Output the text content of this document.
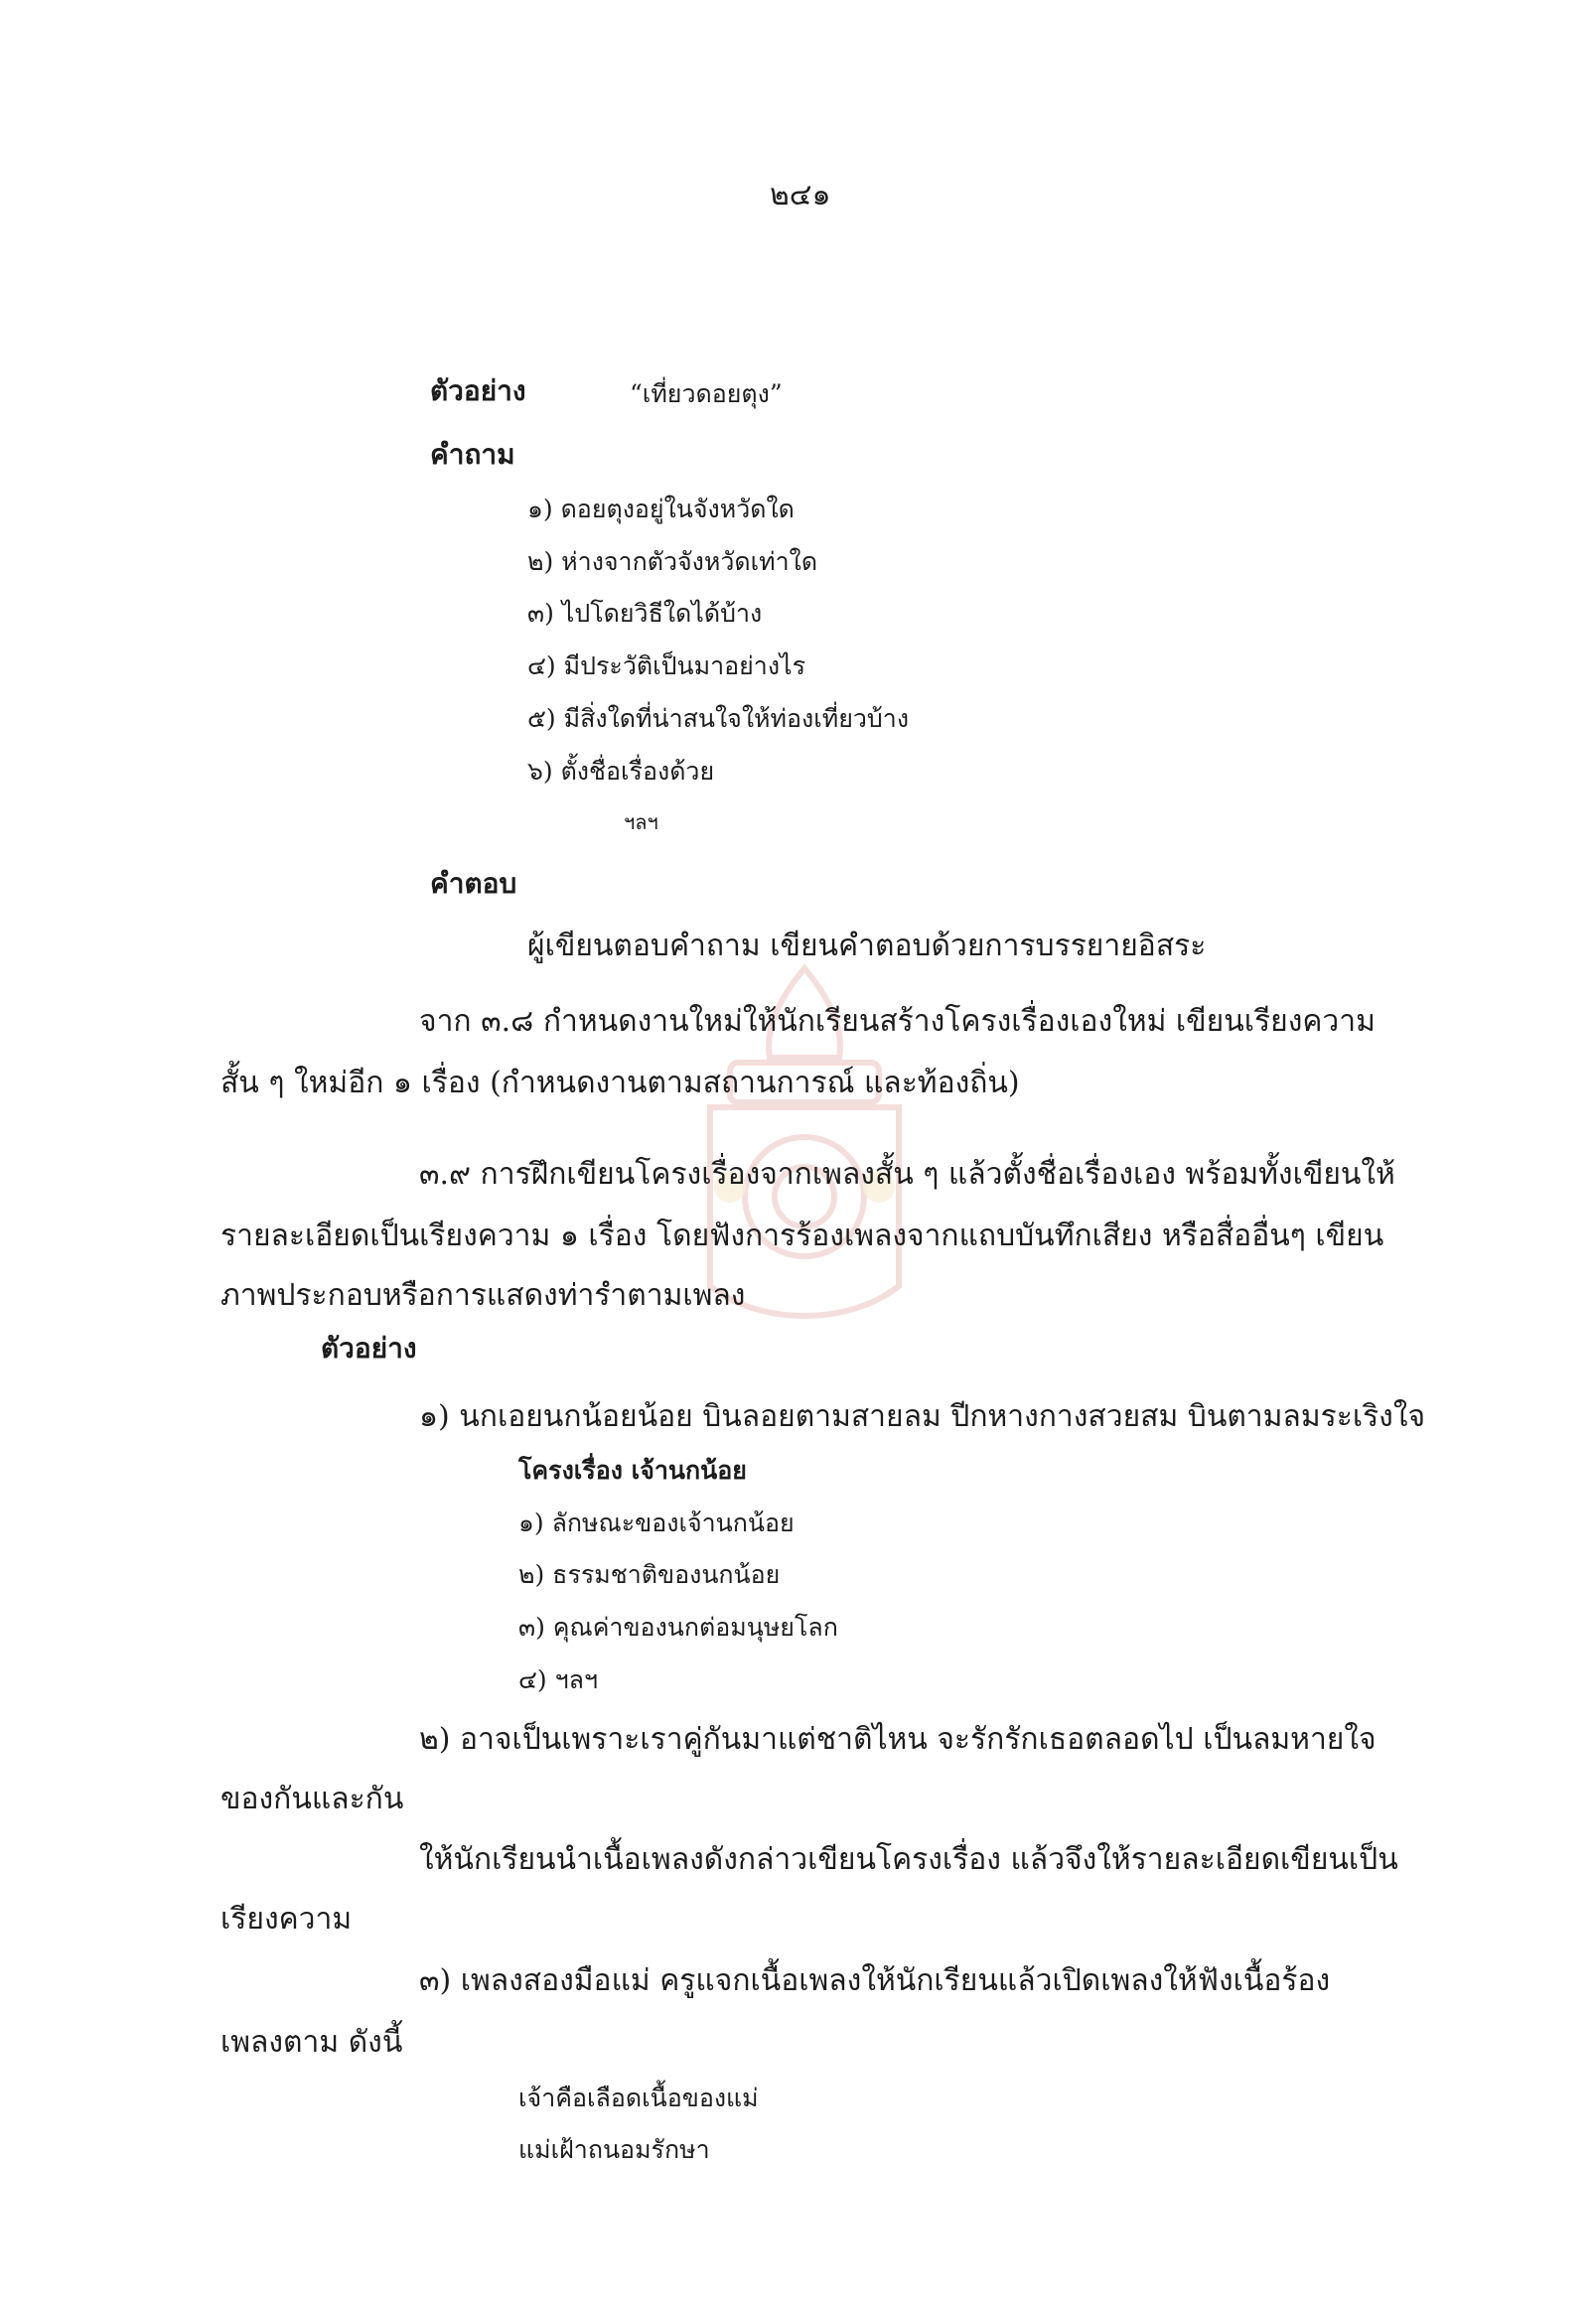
๒๔๑
ตัวอย่าง	“เที่ยวดอยตุง”
คำถาม
๑) ดอยตุงอยู่ในจังหวัดใด
๒) ห่างจากตัวจังหวัดเท่าใด
๓) ไปโดยวิธีใดได้บ้าง
๔) มีประวัติเป็นมาอย่างไร
๕) มีสิ่งใดที่น่าสนใจให้ท่องเที่ยวบ้าง
๖) ตั้งชื่อเรื่องด้วย
ฯลฯ
คำตอบ
ผู้เขียนตอบคำถาม เขียนคำตอบด้วยการบรรยายอิสระ
จาก ๓.๘ กำหนดงานใหม่ให้นักเรียนสร้างโครงเรื่องเองใหม่ เขียนเรียงความ
สั้น ๆ ใหม่อีก ๑ เรื่อง (กำหนดงานตามสถานการณ์ และท้องถิ่น)
๓.๙ การฝึกเขียนโครงเรื่องจากเพลงสั้น ๆ แล้วตั้งชื่อเรื่องเอง พร้อมทั้งเขียนให้
รายละเอียดเป็นเรียงความ ๑ เรื่อง โดยฟังการร้องเพลงจากแถบบันทึกเสียง หรือสื่ออื่นๆ เขียน
ภาพประกอบหรือการแสดงท่ารำตามเพลง
ตัวอย่าง
๑) นกเอยนกน้อยน้อย บินลอยตามสายลม ปีกหางกางสวยสม บินตามลมระเริงใจ
โครงเรื่อง เจ้านกน้อย
๑) ลักษณะของเจ้านกน้อย
๒) ธรรมชาติของนกน้อย
๓) คุณค่าของนกต่อมนุษยโลก
๔) ฯลฯ
๒) อาจเป็นเพราะเราคู่กันมาแต่ชาติไหน จะรักรักเธอตลอดไป เป็นลมหายใจ
ของกันและกัน
ให้นักเรียนนำเนื้อเพลงดังกล่าวเขียนโครงเรื่อง แล้วจึงให้รายละเอียดเขียนเป็น
เรียงความ
๓) เพลงสองมือแม่ ครูแจกเนื้อเพลงให้นักเรียนแล้วเปิดเพลงให้ฟังเนื้อร้อง
เพลงตาม ดังนี้
เจ้าคือเลือดเนื้อของแม่
แม่เฝ้าถนอมรักษา
